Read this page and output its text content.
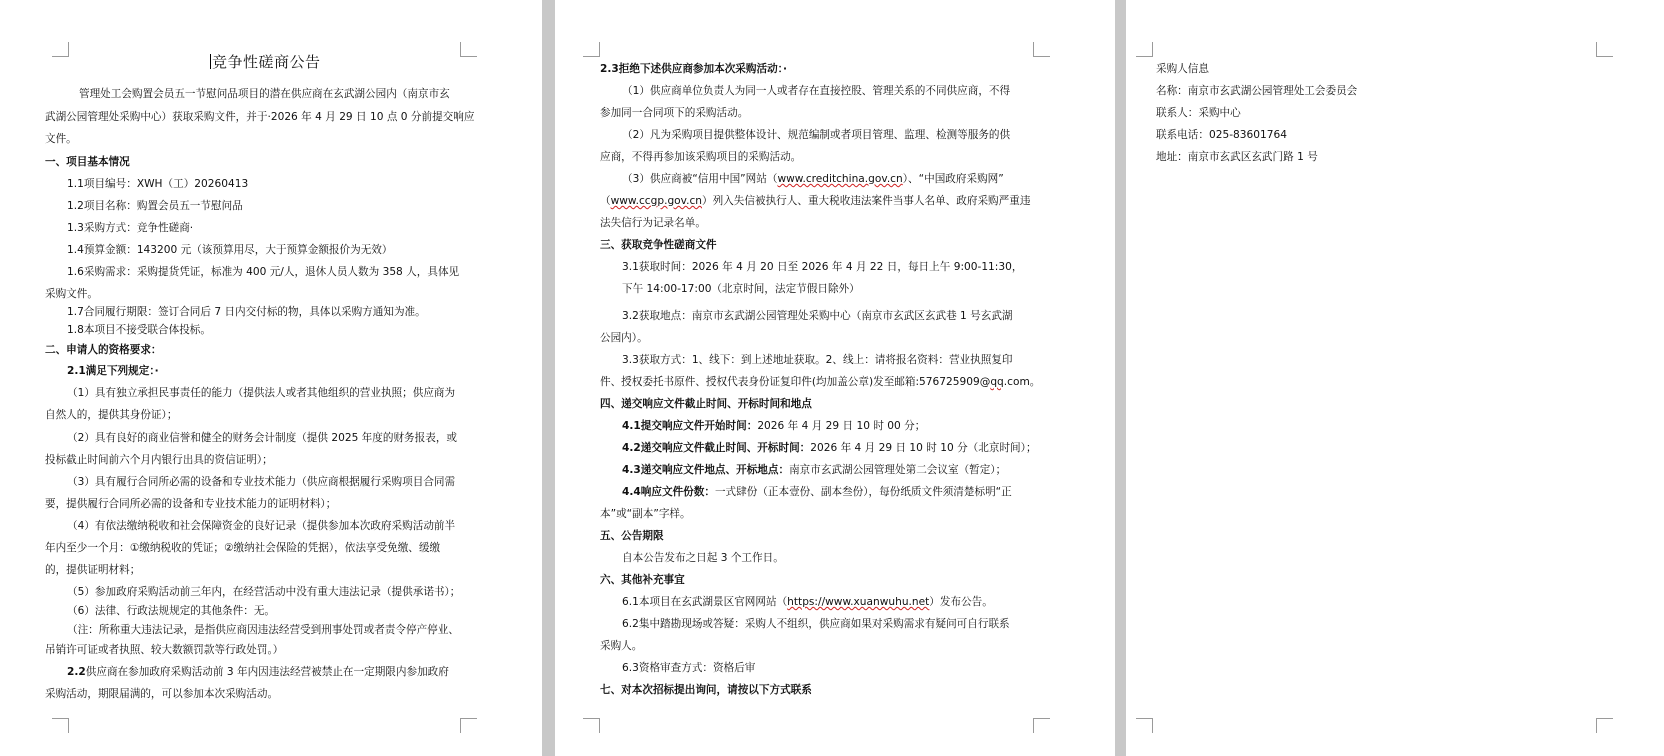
竞争性磋商公告
管理处工会购置会员五一节慰问品项目的潜在供应商在玄武湖公园内（南京市玄
武湖公园管理处采购中心）获取采购文件，并于·2026 年 4 月 29 日 10 点 0 分前提交响应
文件。
一、项目基本情况
1.1项目编号：XWH（工）20260413
1.2项目名称：购置会员五一节慰问品
1.3采购方式：竞争性磋商·
1.4预算金额：143200 元（该预算用尽，大于预算金额报价为无效）
1.6采购需求：采购提货凭证，标准为 400 元/人，退休人员人数为 358 人，具体见
采购文件。
1.7合同履行期限：签订合同后 7 日内交付标的物，具体以采购方通知为准。
1.8本项目不接受联合体投标。
二、申请人的资格要求：
2.1满足下列规定：·
（1）具有独立承担民事责任的能力（提供法人或者其他组织的营业执照；供应商为
自然人的，提供其身份证）；
（2）具有良好的商业信誉和健全的财务会计制度（提供 2025 年度的财务报表，或
投标截止时间前六个月内银行出具的资信证明）；
（3）具有履行合同所必需的设备和专业技术能力（供应商根据履行采购项目合同需
要，提供履行合同所必需的设备和专业技术能力的证明材料）；
（4）有依法缴纳税收和社会保障资金的良好记录（提供参加本次政府采购活动前半
年内至少一个月：①缴纳税收的凭证；②缴纳社会保险的凭据），依法享受免缴、缓缴
的，提供证明材料；
（5）参加政府采购活动前三年内，在经营活动中没有重大违法记录（提供承诺书）；
（6）法律、行政法规规定的其他条件：无。
（注：所称重大违法记录，是指供应商因违法经营受到刑事处罚或者责令停产停业、
吊销许可证或者执照、较大数额罚款等行政处罚。）
2.2供应商在参加政府采购活动前 3 年内因违法经营被禁止在一定期限内参加政府
采购活动，期限届满的，可以参加本次采购活动。
2.3拒绝下述供应商参加本次采购活动：·
（1）供应商单位负责人为同一人或者存在直接控股、管理关系的不同供应商，不得
参加同一合同项下的采购活动。
（2）凡为采购项目提供整体设计、规范编制或者项目管理、监理、检测等服务的供
应商，不得再参加该采购项目的采购活动。
（3）供应商被“信用中国”网站（www.creditchina.gov.cn）、“中国政府采购网”
（www.ccgp.gov.cn）列入失信被执行人、重大税收违法案件当事人名单、政府采购严重违
法失信行为记录名单。
三、获取竞争性磋商文件
3.1获取时间：2026 年 4 月 20 日至 2026 年 4 月 22 日，每日上午 9:00-11:30，
下午 14:00-17:00（北京时间，法定节假日除外）
3.2获取地点：南京市玄武湖公园管理处采购中心（南京市玄武区玄武巷 1 号玄武湖
公园内）。
3.3获取方式：1、线下：到上述地址获取。2、线上：请将报名资料：营业执照复印
件、授权委托书原件、授权代表身份证复印件(均加盖公章)发至邮箱:576725909@qq.com。
四、递交响应文件截止时间、开标时间和地点
4.1提交响应文件开始时间：2026 年 4 月 29 日 10 时 00 分；
4.2递交响应文件截止时间、开标时间：2026 年 4 月 29 日 10 时 10 分（北京时间）；
4.3递交响应文件地点、开标地点：南京市玄武湖公园管理处第二会议室（暂定）；
4.4响应文件份数：一式肆份（正本壹份、副本叁份），每份纸质文件须清楚标明“正
本”或“副本”字样。
五、公告期限
自本公告发布之日起 3 个工作日。
六、其他补充事宜
6.1本项目在玄武湖景区官网网站（https://www.xuanwuhu.net）发布公告。
6.2集中踏勘现场或答疑：采购人不组织，供应商如果对采购需求有疑问可自行联系
采购人。
6.3资格审查方式：资格后审
七、对本次招标提出询问，请按以下方式联系
采购人信息
名称：南京市玄武湖公园管理处工会委员会
联系人：采购中心
联系电话：025-83601764
地址：南京市玄武区玄武门路 1 号
